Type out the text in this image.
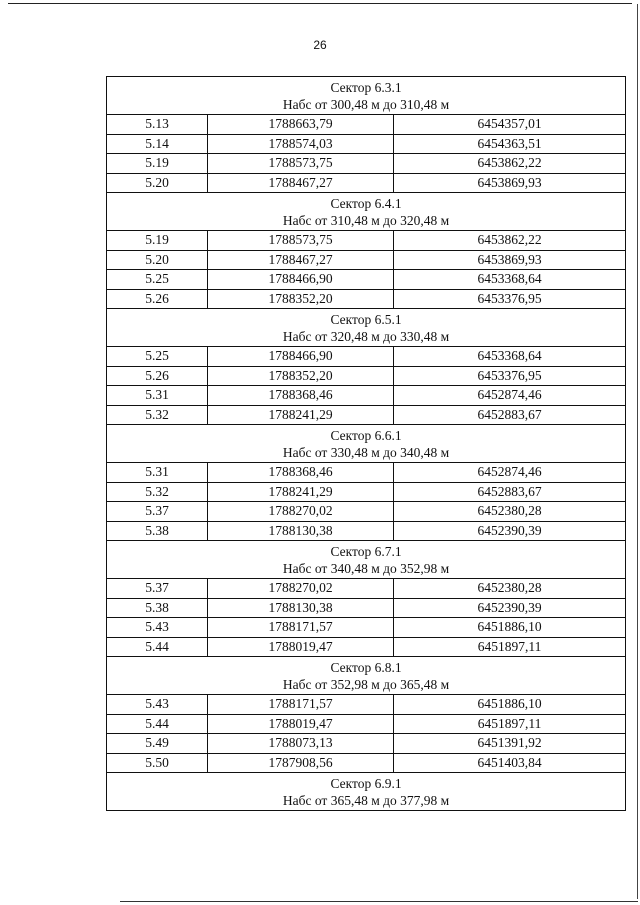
26
Сектор 6.3.1
Набс от 300,48 м до 310,48 м		

5.13	1788663,79	6454357,01
5.14	1788574,03	6454363,51
5.19	1788573,75	6453862,22
5.20	1788467,27	6453869,93

Сектор 6.4.1
Набс от 310,48 м до 320,48 м		

5.19	1788573,75	6453862,22
5.20	1788467,27	6453869,93
5.25	1788466,90	6453368,64
5.26	1788352,20	6453376,95

Сектор 6.5.1
Набс от 320,48 м до 330,48 м		

5.25	1788466,90	6453368,64
5.26	1788352,20	6453376,95
5.31	1788368,46	6452874,46
5.32	1788241,29	6452883,67

Сектор 6.6.1
Набс от 330,48 м до 340,48 м		

5.31	1788368,46	6452874,46
5.32	1788241,29	6452883,67
5.37	1788270,02	6452380,28
5.38	1788130,38	6452390,39

Сектор 6.7.1
Набс от 340,48 м до 352,98 м		

5.37	1788270,02	6452380,28
5.38	1788130,38	6452390,39
5.43	1788171,57	6451886,10
5.44	1788019,47	6451897,11

Сектор 6.8.1
Набс от 352,98 м до 365,48 м		

5.43	1788171,57	6451886,10
5.44	1788019,47	6451897,11
5.49	1788073,13	6451391,92
5.50	1787908,56	6451403,84

Сектор 6.9.1
Набс от 365,48 м до 377,98 м		
